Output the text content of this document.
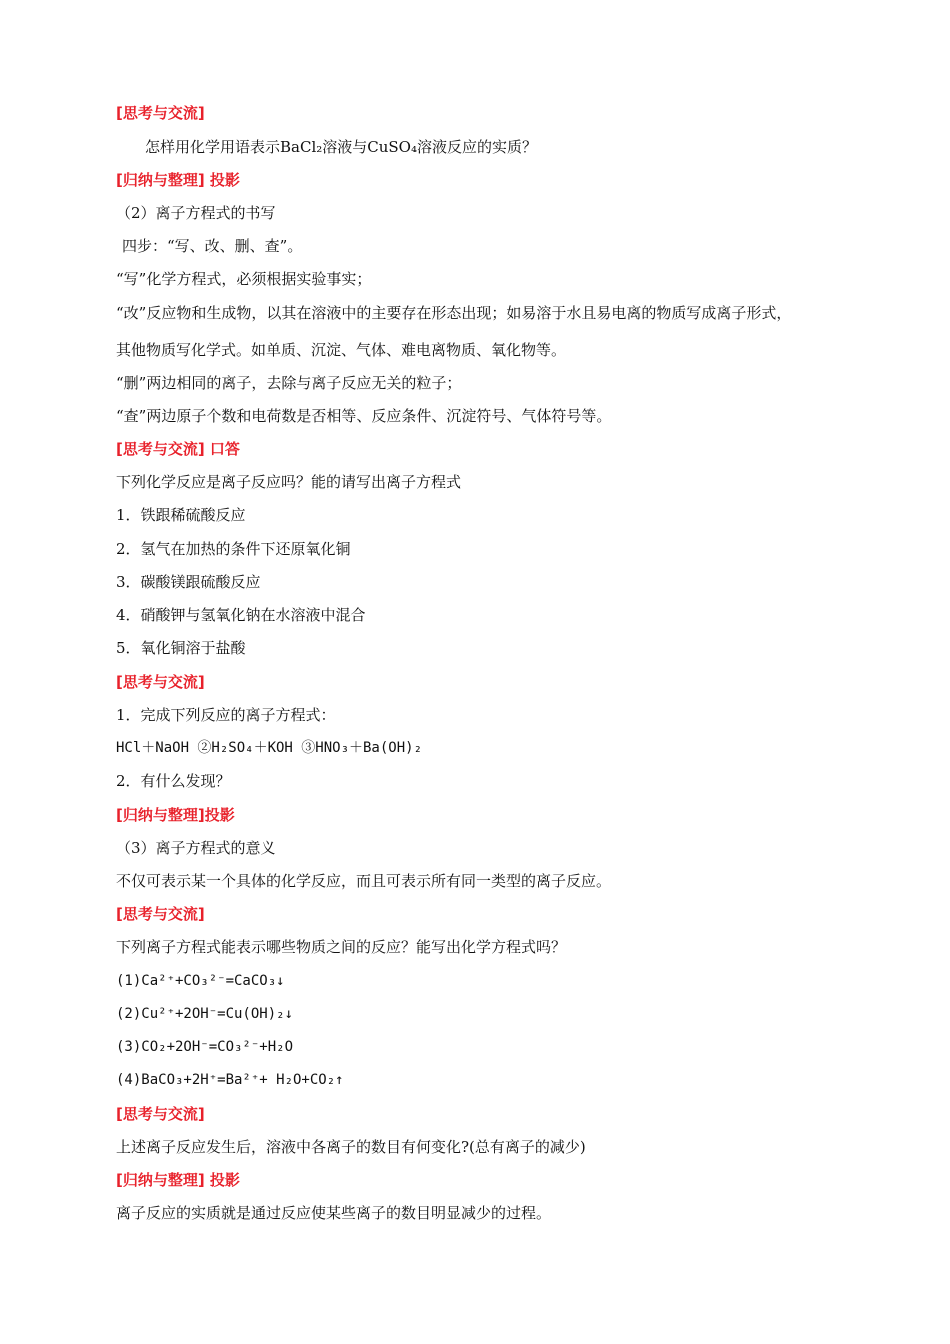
[思考与交流]
怎样用化学用语表示BaCl₂溶液与CuSO₄溶液反应的实质？
[归纳与整理] 投影
（2）离子方程式的书写
四步：“写、改、删、查”。
“写”化学方程式，必须根据实验事实；
“改”反应物和生成物，以其在溶液中的主要存在形态出现；如易溶于水且易电离的物质写成离子形式，
其他物质写化学式。如单质、沉淀、气体、难电离物质、氧化物等。
“删”两边相同的离子，去除与离子反应无关的粒子；
“查”两边原子个数和电荷数是否相等、反应条件、沉淀符号、气体符号等。
[思考与交流] 口答
下列化学反应是离子反应吗？能的请写出离子方程式
1．铁跟稀硫酸反应
2．氢气在加热的条件下还原氧化铜
3．碳酸镁跟硫酸反应
4．硝酸钾与氢氧化钠在水溶液中混合
5．氧化铜溶于盐酸
[思考与交流]
1．完成下列反应的离子方程式：
HCl＋NaOH ②H₂SO₄＋KOH ③HNO₃＋Ba(OH)₂
2．有什么发现？
[归纳与整理]投影
（3）离子方程式的意义
不仅可表示某一个具体的化学反应，而且可表示所有同一类型的离子反应。
[思考与交流]
下列离子方程式能表示哪些物质之间的反应？能写出化学方程式吗？
(1)Ca²⁺+CO₃²⁻=CaCO₃↓
(2)Cu²⁺+2OH⁻=Cu(OH)₂↓
(3)CO₂+2OH⁻=CO₃²⁻+H₂O
(4)BaCO₃+2H⁺=Ba²⁺+ H₂O+CO₂↑
[思考与交流]
上述离子反应发生后，溶液中各离子的数目有何变化?(总有离子的减少)
[归纳与整理] 投影
离子反应的实质就是通过反应使某些离子的数目明显减少的过程。
